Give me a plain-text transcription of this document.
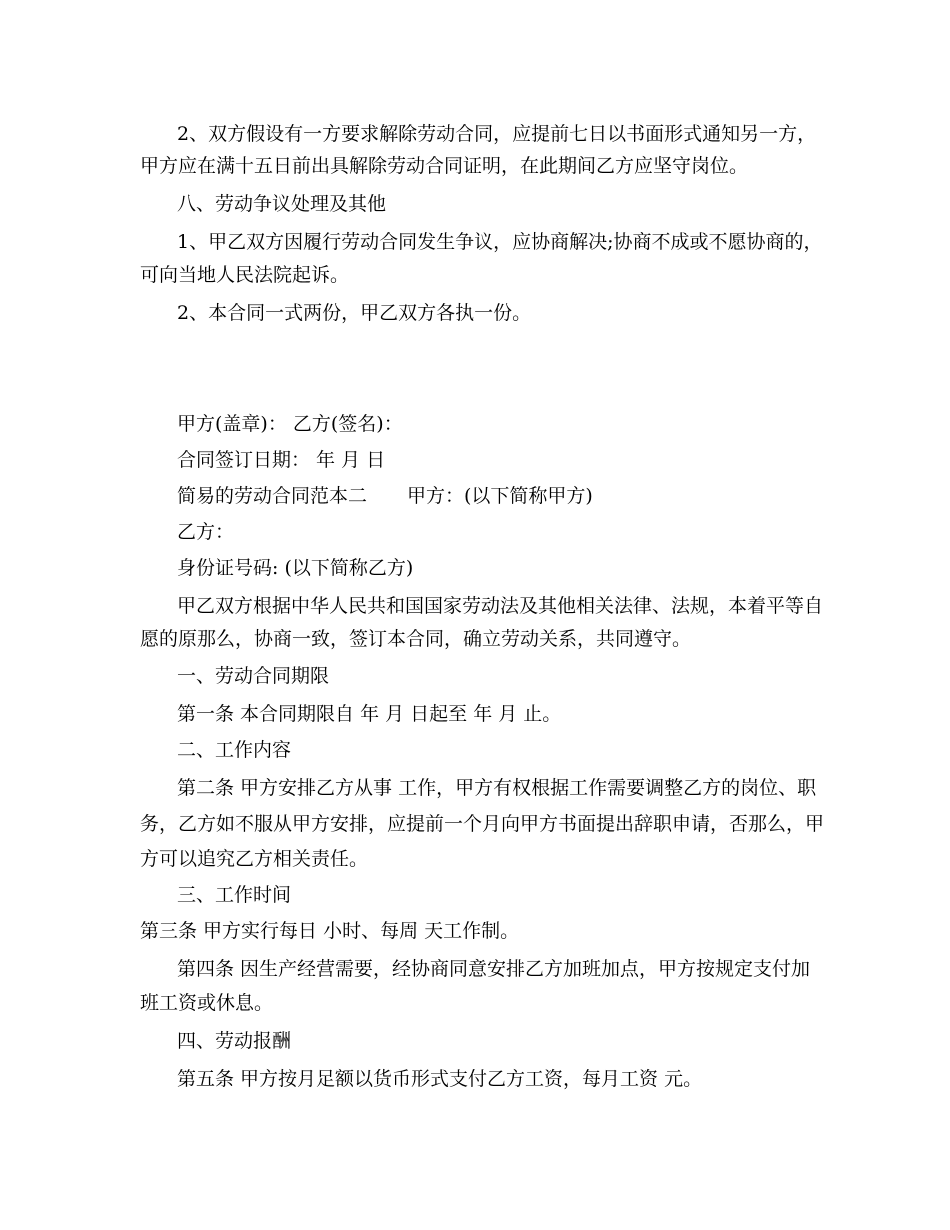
2、双方假设有一方要求解除劳动合同，应提前七日以书面形式通知另一方，
甲方应在满十五日前出具解除劳动合同证明，在此期间乙方应坚守岗位。
八、劳动争议处理及其他
1、甲乙双方因履行劳动合同发生争议，应协商解决;协商不成或不愿协商的，
可向当地人民法院起诉。
2、本合同一式两份，甲乙双方各执一份。
甲方(盖章)： 乙方(签名)：
合同签订日期： 年 月 日
简易的劳动合同范本二 甲方：(以下简称甲方)
乙方：
身份证号码: (以下简称乙方)
甲乙双方根据中华人民共和国国家劳动法及其他相关法律、法规，本着平等自
愿的原那么，协商一致，签订本合同，确立劳动关系，共同遵守。
一、劳动合同期限
第一条 本合同期限自 年 月 日起至 年 月 止。
二、工作内容
第二条 甲方安排乙方从事 工作，甲方有权根据工作需要调整乙方的岗位、职
务，乙方如不服从甲方安排，应提前一个月向甲方书面提出辞职申请，否那么，甲
方可以追究乙方相关责任。
三、工作时间
第三条 甲方实行每日 小时、每周 天工作制。
第四条 因生产经营需要，经协商同意安排乙方加班加点，甲方按规定支付加
班工资或休息。
四、劳动报酬
第五条 甲方按月足额以货币形式支付乙方工资，每月工资 元。
